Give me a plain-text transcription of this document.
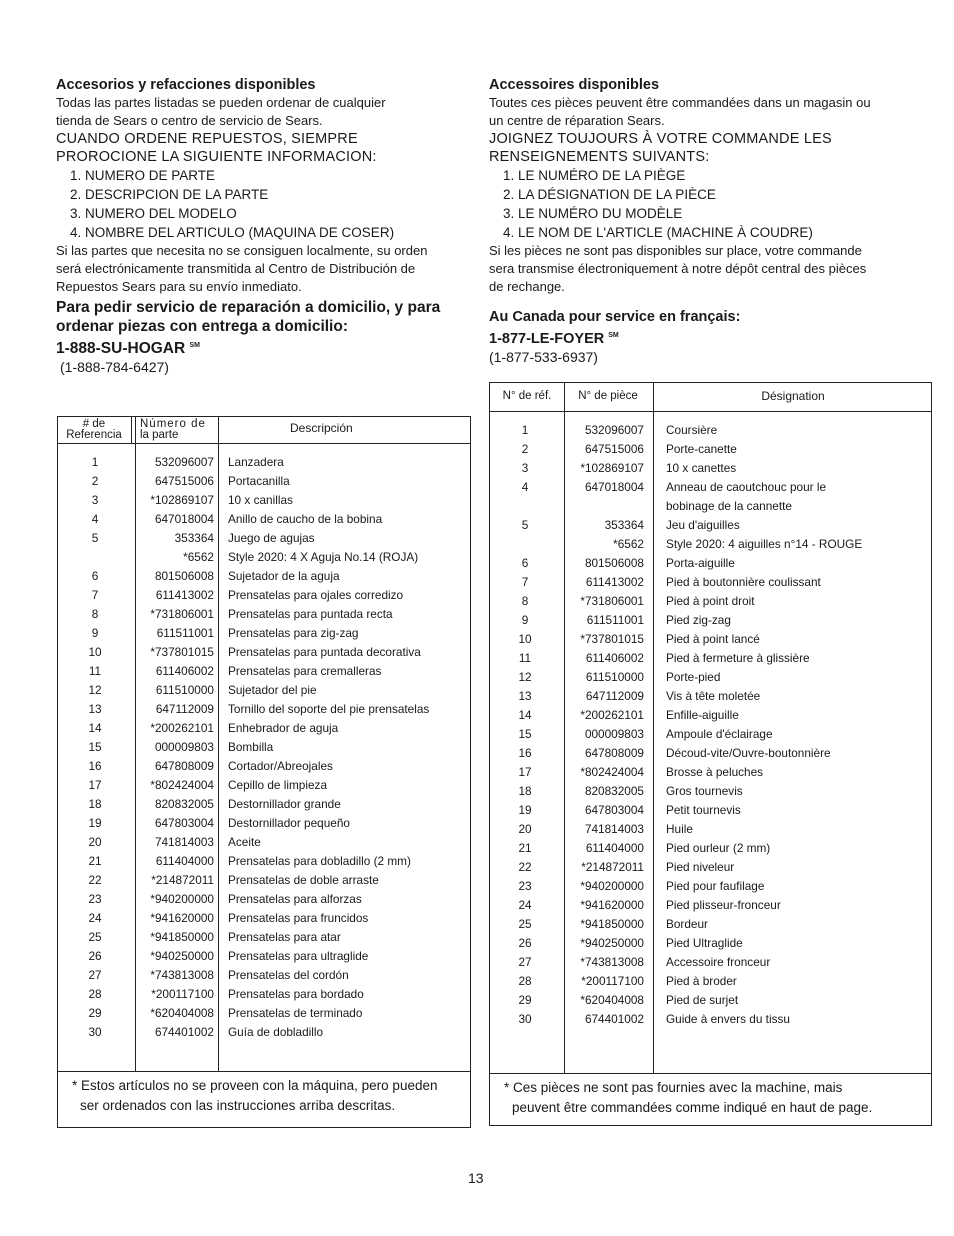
Accesorios y refacciones disponibles

Todas las partes listadas se pueden ordenar de cualquier

tienda de Sears o centro de servicio de Sears.

CUANDO ORDENE REPUESTOS, SIEMPRE

PROROCIONE LA SIGUIENTE INFORMACION:

1. NUMERO DE PARTE
2. DESCRIPCION DE LA PARTE
3. NUMERO DEL MODELO
4. NOMBRE DEL ARTICULO (MAQUINA DE COSER)

Si las partes que necesita no se consiguen localmente, su orden

será electrónicamente transmitida al Centro de Distribución de

Repuestos Sears para su envío inmediato.

Para pedir servicio de reparación a domicilio, y para

ordenar piezas con entrega a domicilio:

1-888-SU-HOGAR ℠

(1-888-784-6427)

Accessoires disponibles

Toutes ces pièces peuvent être commandées dans un magasin ou

un centre de réparation Sears.

JOIGNEZ TOUJOURS À VOTRE COMMANDE LES

RENSEIGNEMENTS SUIVANTS:

1. LE NUMÉRO DE LA PIÈGE
2. LA DÉSIGNATION DE LA PIÈCE
3. LE NUMÉRO DU MODÈLE
4. LE NOM DE L'ARTICLE (MACHINE À COUDRE)

Si les pièces ne sont pas disponibles sur place, votre commande

sera transmise électroniquement à notre dépôt central des pièces

de rechange.

Au Canada pour service en français:

1-877-LE-FOYER ℠

(1-877-533-6937)

# de
Referencia
Número de
la parte	Descripción
1	532096007 Lanzadera
2	647515006 Portacanilla
3	*102869107 10 x canillas
4	647018004 Anillo de caucho de la bobina
5	353364 Juego de agujas
*6562 Style 2020: 4 X Aguja No.14 (ROJA)
6	801506008 Sujetador de la aguja
7	611413002 Prensatelas para ojales corredizo
8	*731806001 Prensatelas para puntada recta
9	611511001 Prensatelas para zig-zag
10	*737801015 Prensatelas para puntada decorativa
11	611406002 Prensatelas para cremalleras
12	611510000 Sujetador del pie
13	647112009 Tornillo del soporte del pie prensatelas
14	*200262101 Enhebrador de aguja
15	000009803 Bombilla
16	647808009 Cortador/Abreojales
17	*802424004 Cepillo de limpieza
18	820832005 Destornillador grande
19	647803004 Destornillador pequeño
20	741814003 Aceite
21	611404000 Prensatelas para dobladillo (2 mm)
22	*214872011 Prensatelas de doble arraste
23	*940200000 Prensatelas para alforzas
24	*941620000 Prensatelas para fruncidos
25	*941850000 Prensatelas para atar
26	*940250000 Prensatelas para ultraglide
27	*743813008 Prensatelas del cordón
28	*200117100 Prensatelas para bordado
29	*620404008 Prensatelas de terminado
30	674401002 Guía de dobladillo
* Estos artículos no se proveen con la máquina, pero pueden
ser ordenados con las instrucciones arriba descritas.
N° de réf.	N° de pièce	Désignation
1	532096007 Coursière
2	647515006 Porte-canette
3	*102869107 10 x canettes
4	647018004 Anneau de caoutchouc pour le
bobinage de la cannette
5	353364 Jeu d'aiguilles
*6562 Style 2020: 4 aiguilles n°14 - ROUGE
6	801506008 Porta-aiguille
7	611413002 Pied à boutonnière coulissant
8	*731806001 Pied à point droit
9	611511001 Pied zig-zag
10	*737801015 Pied à point lancé
11	611406002 Pied à fermeture à glissière
12	611510000 Porte-pied
13	647112009 Vis à tête moletée
14	*200262101 Enfille-aiguille
15	000009803 Ampoule d'éclairage
16	647808009 Découd-vite/Ouvre-boutonnière
17	*802424004 Brosse à peluches
18	820832005 Gros tournevis
19	647803004 Petit tournevis
20	741814003 Huile
21	611404000 Pied ourleur (2 mm)
22	*214872011 Pied niveleur
23	*940200000 Pied pour faufilage
24	*941620000 Pied plisseur-fronceur
25	*941850000 Bordeur
26	*940250000 Pied Ultraglide
27	*743813008 Accessoire fronceur
28	*200117100 Pied à broder
29	*620404008 Pied de surjet
30	674401002 Guide à envers du tissu
* Ces pièces ne sont pas fournies avec la machine, mais
peuvent être commandées comme indiqué en haut de page.
13
